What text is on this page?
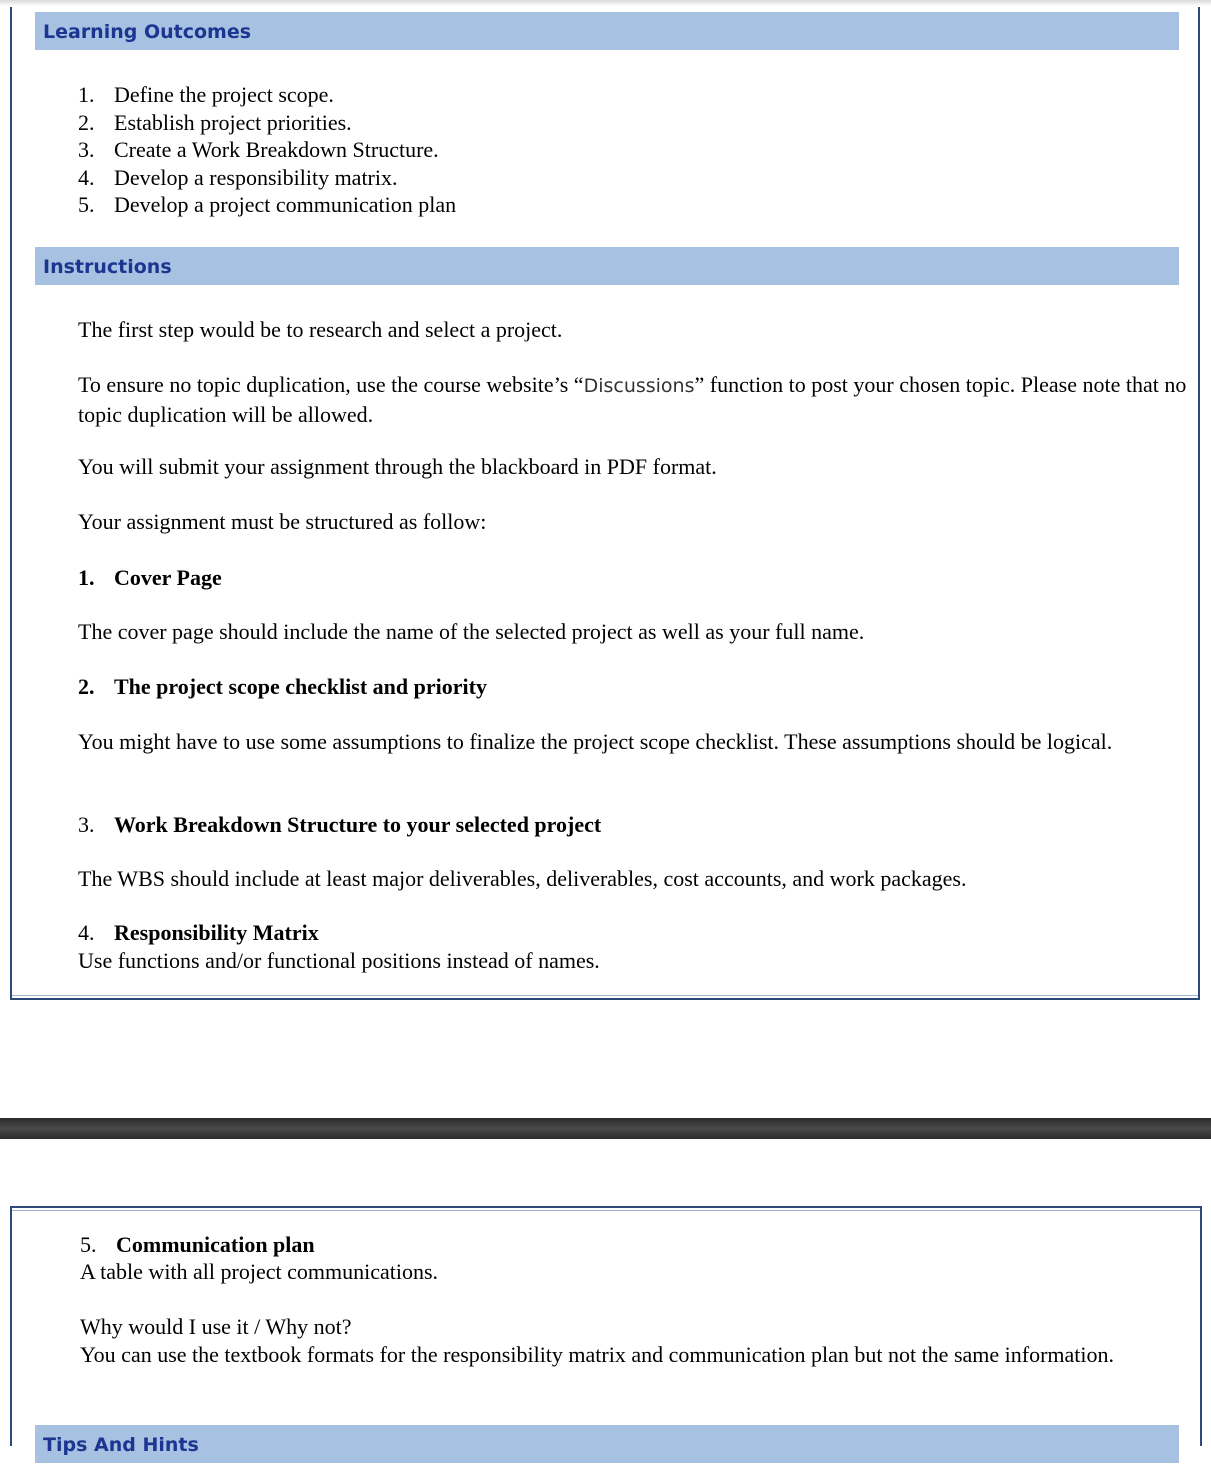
Learning Outcomes
1. Define the project scope.
2. Establish project priorities.
3. Create a Work Breakdown Structure.
4. Develop a responsibility matrix.
5. Develop a project communication plan
Instructions

The first step would be to research and select a project.

To ensure no topic duplication, use the course website’s “Discussions” function to post your chosen topic. Please note that no topic duplication will be allowed.

You will submit your assignment through the blackboard in PDF format.

Your assignment must be structured as follow:

1. Cover Page

The cover page should include the name of the selected project as well as your full name.

2. The project scope checklist and priority

You might have to use some assumptions to finalize the project scope checklist. These assumptions should be logical.

3. Work Breakdown Structure to your selected project

The WBS should include at least major deliverables, deliverables, cost accounts, and work packages.

4. Responsibility Matrix

Use functions and/or functional positions instead of names.

5. Communication plan

A table with all project communications.

Why would I use it / Why not?

You can use the textbook formats for the responsibility matrix and communication plan but not the same information.

Tips And Hints
